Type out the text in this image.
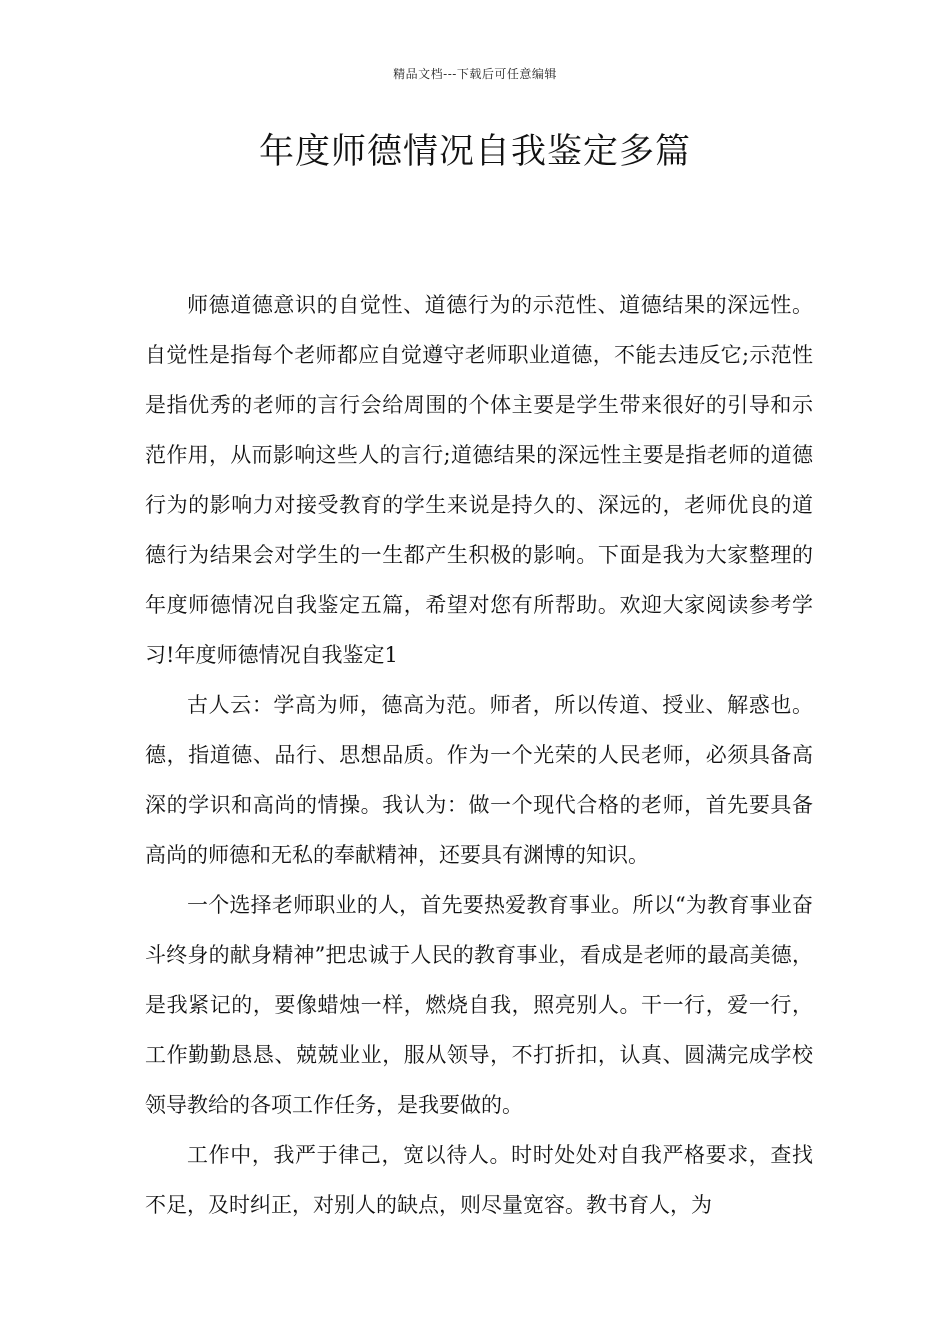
精品文档---下载后可任意编辑
年度师德情况自我鉴定多篇

师德道德意识的自觉性、道德行为的示范性、道德结果的深远性。自觉性是指每个老师都应自觉遵守老师职业道德，不能去违反它;示范性是指优秀的老师的言行会给周围的个体主要是学生带来很好的引导和示范作用，从而影响这些人的言行;道德结果的深远性主要是指老师的道德行为的影响力对接受教育的学生来说是持久的、深远的，老师优良的道德行为结果会对学生的一生都产生积极的影响。下面是我为大家整理的年度师德情况自我鉴定五篇，希望对您有所帮助。欢迎大家阅读参考学习!年度师德情况自我鉴定1

古人云：学高为师，德高为范。师者，所以传道、授业、解惑也。德，指道德、品行、思想品质。作为一个光荣的人民老师，必须具备高深的学识和高尚的情操。我认为：做一个现代合格的老师，首先要具备高尚的师德和无私的奉献精神，还要具有渊博的知识。

一个选择老师职业的人，首先要热爱教育事业。所以“为教育事业奋斗终身的献身精神”把忠诚于人民的教育事业，看成是老师的最高美德，是我紧记的，要像蜡烛一样，燃烧自我，照亮别人。干一行，爱一行，工作勤勤恳恳、兢兢业业，服从领导，不打折扣，认真、圆满完成学校领导教给的各项工作任务，是我要做的。

工作中，我严于律己，宽以待人。时时处处对自我严格要求，查找不足，及时纠正，对别人的缺点，则尽量宽容。教书育人，为
